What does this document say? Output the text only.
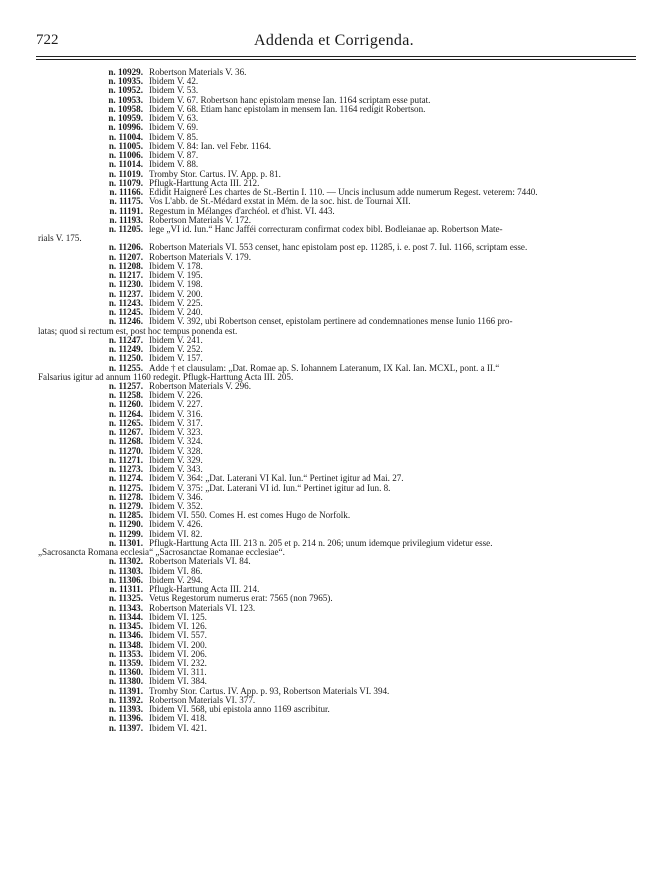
722	Addenda et Corrigenda.
n. 10929. Robertson Materials V. 36.
n. 10935. Ibidem V. 42.
n. 10952. Ibidem V. 53.
n. 10953. Ibidem V. 67. Robertson hanc epistolam mense Ian. 1164 scriptam esse putat.
n. 10958. Ibidem V. 68. Etiam hanc epistolam in mensem Ian. 1164 redigit Robertson.
n. 10959. Ibidem V. 63.
n. 10996. Ibidem V. 69.
n. 11004. Ibidem V. 85.
n. 11005. Ibidem V. 84: Ian. vel Febr. 1164.
n. 11006. Ibidem V. 87.
n. 11014. Ibidem V. 88.
n. 11019. Tromby Stor. Cartus. IV. App. p. 81.
n. 11079. Pflugk-Harttung Acta III. 212.
n. 11166. Edidit Haigneré Les chartes de St.-Bertin I. 110. — Uncis inclusum adde numerum Regest. veterem: 7440.
n. 11175. Vos L'abb. de St.-Médard exstat in Mém. de la soc. hist. de Tournai XII.
n. 11191. Regestum in Mélanges d'archéol. et d'hist. VI. 443.
n. 11193. Robertson Materials V. 172.
n. 11205. lege „VI id. Iun.“ Hanc Jafféi correcturam confirmat codex bibl. Bodleianae ap. Robertson Mate-
rials V. 175.
n. 11206. Robertson Materials VI. 553 censet, hanc epistolam post ep. 11285, i. e. post 7. Iul. 1166, scriptam esse.
n. 11207. Robertson Materials V. 179.
n. 11208. Ibidem V. 178.
n. 11217. Ibidem V. 195.
n. 11230. Ibidem V. 198.
n. 11237. Ibidem V. 200.
n. 11243. Ibidem V. 225.
n. 11245. Ibidem V. 240.
n. 11246. Ibidem V. 392, ubi Robertson censet, epistolam pertinere ad condemnationes mense Iunio 1166 pro-
latas; quod si rectum est, post hoc tempus ponenda est.
n. 11247. Ibidem V. 241.
n. 11249. Ibidem V. 252.
n. 11250. Ibidem V. 157.
n. 11255. Adde † et clausulam: „Dat. Romae ap. S. Iohannem Lateranum, IX Kal. Ian. MCXL, pont. a II.“
Falsarius igitur ad annum 1160 redegit. Pflugk-Harttung Acta III. 205.
n. 11257. Robertson Materials V. 296.
n. 11258. Ibidem V. 226.
n. 11260. Ibidem V. 227.
n. 11264. Ibidem V. 316.
n. 11265. Ibidem V. 317.
n. 11267. Ibidem V. 323.
n. 11268. Ibidem V. 324.
n. 11270. Ibidem V. 328.
n. 11271. Ibidem V. 329.
n. 11273. Ibidem V. 343.
n. 11274. Ibidem V. 364: „Dat. Laterani VI Kal. Iun.“ Pertinet igitur ad Mai. 27.
n. 11275. Ibidem V. 375: „Dat. Laterani VI id. Iun.“ Pertinet igitur ad Iun. 8.
n. 11278. Ibidem V. 346.
n. 11279. Ibidem V. 352.
n. 11285. Ibidem VI. 550. Comes H. est comes Hugo de Norfolk.
n. 11290. Ibidem V. 426.
n. 11299. Ibidem VI. 82.
n. 11301. Pflugk-Harttung Acta III. 213 n. 205 et p. 214 n. 206; unum idemque privilegium videtur esse.
„Sacrosancta Romana ecclesia“ „Sacrosanctae Romanae ecclesiae“.
n. 11302. Robertson Materials VI. 84.
n. 11303. Ibidem VI. 86.
n. 11306. Ibidem V. 294.
n. 11311. Pflugk-Harttung Acta III. 214.
n. 11325. Vetus Regestorum numerus erat: 7565 (non 7965).
n. 11343. Robertson Materials VI. 123.
n. 11344. Ibidem VI. 125.
n. 11345. Ibidem VI. 126.
n. 11346. Ibidem VI. 557.
n. 11348. Ibidem VI. 200.
n. 11353. Ibidem VI. 206.
n. 11359. Ibidem VI. 232.
n. 11360. Ibidem VI. 311.
n. 11380. Ibidem VI. 384.
n. 11391. Tromby Stor. Cartus. IV. App. p. 93, Robertson Materials VI. 394.
n. 11392. Robertson Materials VI. 377.
n. 11393. Ibidem VI. 568, ubi epistola anno 1169 ascribitur.
n. 11396. Ibidem VI. 418.
n. 11397. Ibidem VI. 421.
